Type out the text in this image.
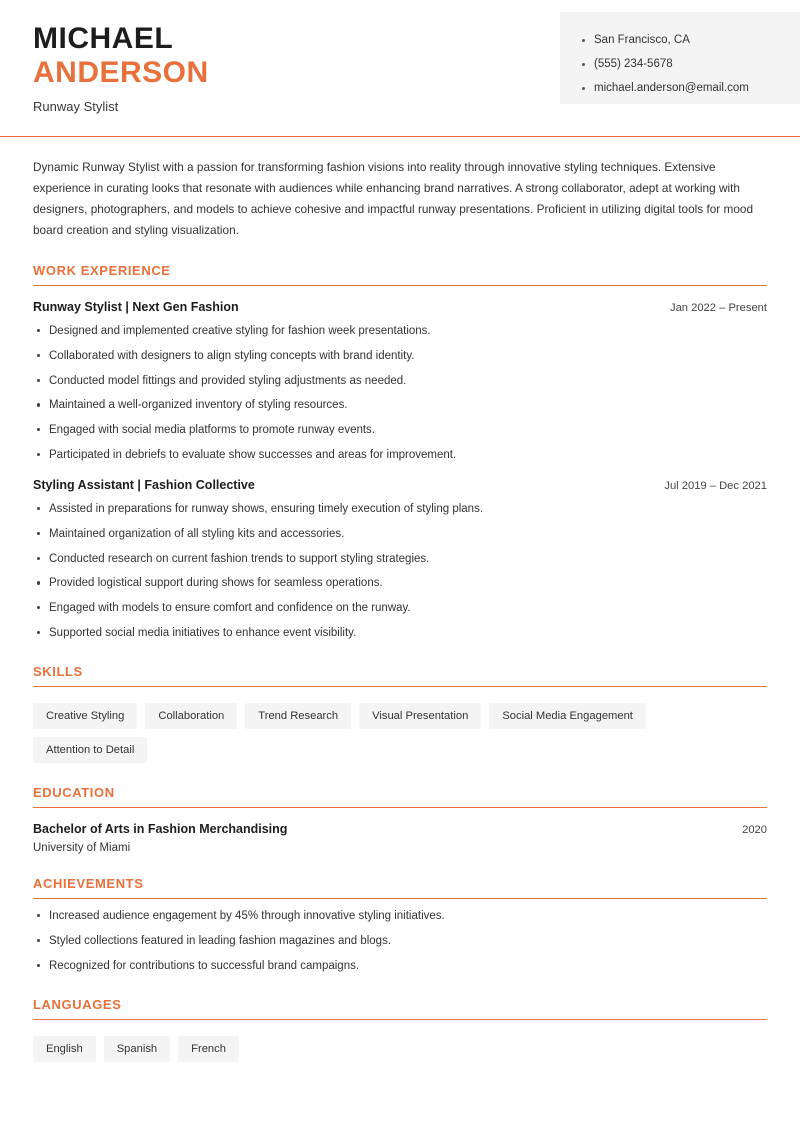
MICHAEL
ANDERSON
Runway Stylist
San Francisco, CA
(555) 234-5678
michael.anderson@email.com
Dynamic Runway Stylist with a passion for transforming fashion visions into reality through innovative styling techniques. Extensive experience in curating looks that resonate with audiences while enhancing brand narratives. A strong collaborator, adept at working with designers, photographers, and models to achieve cohesive and impactful runway presentations. Proficient in utilizing digital tools for mood board creation and styling visualization.
WORK EXPERIENCE
Runway Stylist | Next Gen Fashion	Jan 2022 – Present
Designed and implemented creative styling for fashion week presentations.
Collaborated with designers to align styling concepts with brand identity.
Conducted model fittings and provided styling adjustments as needed.
Maintained a well-organized inventory of styling resources.
Engaged with social media platforms to promote runway events.
Participated in debriefs to evaluate show successes and areas for improvement.
Styling Assistant | Fashion Collective	Jul 2019 – Dec 2021
Assisted in preparations for runway shows, ensuring timely execution of styling plans.
Maintained organization of all styling kits and accessories.
Conducted research on current fashion trends to support styling strategies.
Provided logistical support during shows for seamless operations.
Engaged with models to ensure comfort and confidence on the runway.
Supported social media initiatives to enhance event visibility.
SKILLS
Creative Styling	Collaboration	Trend Research	Visual Presentation	Social Media Engagement
Attention to Detail
EDUCATION
Bachelor of Arts in Fashion Merchandising	2020
University of Miami
ACHIEVEMENTS
Increased audience engagement by 45% through innovative styling initiatives.
Styled collections featured in leading fashion magazines and blogs.
Recognized for contributions to successful brand campaigns.
LANGUAGES
English	Spanish	French
